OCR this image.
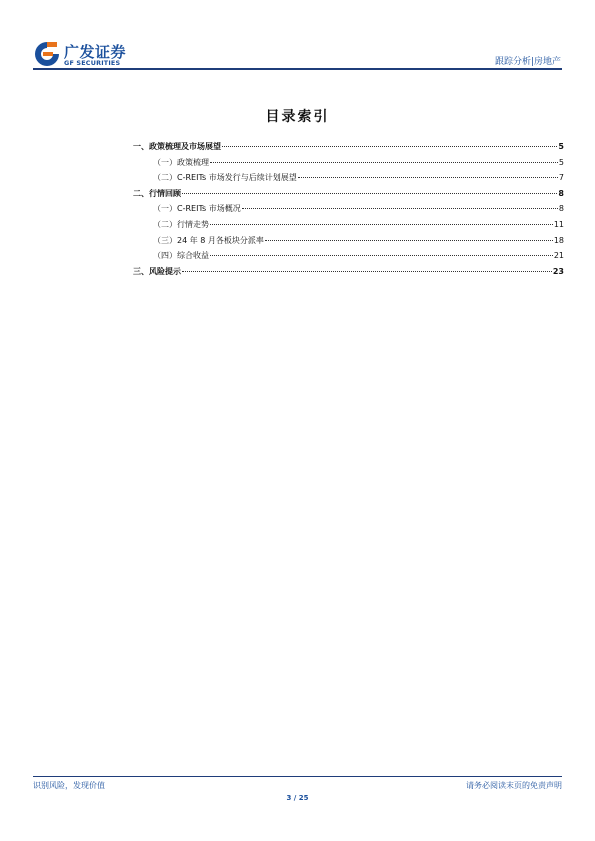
广发证券
GF SECURITIES	跟踪分析|房地产
目录索引
一、政策梳理及市场展望	5
（一）政策梳理	5
（二）C-REITs 市场发行与后续计划展望	7
二、行情回顾	8
（一）C-REITs 市场概况	8
（二）行情走势	11
（三）24 年 8 月各板块分派率	18
（四）综合收益	21
三、风险提示	23
识别风险，发现价值	请务必阅读末页的免责声明
3 / 25
